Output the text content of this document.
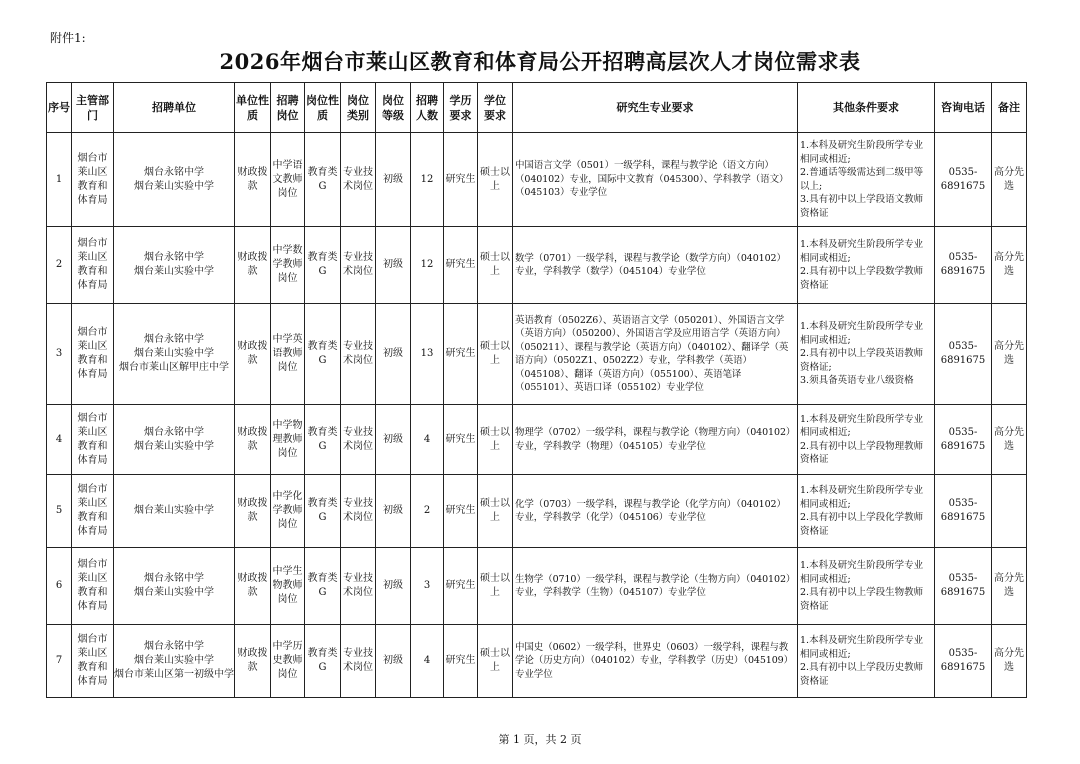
附件1:
2026年烟台市莱山区教育和体育局公开招聘高层次人才岗位需求表
序号	主管部门	招聘单位	单位性质	招聘岗位	岗位性质	岗位类别	岗位等级	招聘人数	学历要求	学位要求	研究生专业要求	其他条件要求	咨询电话	备注
1	烟台市莱山区教育和体育局	烟台永铭中学
烟台莱山实验中学	财政拨款	中学语文教师岗位	教育类G	专业技术岗位	初级	12	研究生	硕士以上	中国语言文学（0501）一级学科，课程与教学论（语文方向）（040102）专业，国际中文教育（045300）、学科教学（语文）（045103）专业学位	1.本科及研究生阶段所学专业相同或相近;
2.普通话等级需达到二级甲等以上;
3.具有初中以上学段语文教师资格证	0535-6891675	高分先选
2	烟台市莱山区教育和体育局	烟台永铭中学
烟台莱山实验中学	财政拨款	中学数学教师岗位	教育类G	专业技术岗位	初级	12	研究生	硕士以上	数学（0701）一级学科，课程与教学论（数学方向）（040102）专业，学科教学（数学）（045104）专业学位	1.本科及研究生阶段所学专业相同或相近;
2.具有初中以上学段数学教师资格证	0535-6891675	高分先选
3	烟台市莱山区教育和体育局	烟台永铭中学
烟台莱山实验中学
烟台市莱山区解甲庄中学	财政拨款	中学英语教师岗位	教育类G	专业技术岗位	初级	13	研究生	硕士以上	英语教育（0502Z6）、英语语言文学（050201）、外国语言文学（英语方向）（050200）、外国语言学及应用语言学（英语方向）（050211）、课程与教学论（英语方向）（040102）、翻译学（英语方向）（0502Z1、0502Z2）专业，学科教学（英语）（045108）、翻译（英语方向）（055100）、英语笔译（055101）、英语口译（055102）专业学位	1.本科及研究生阶段所学专业相同或相近;
2.具有初中以上学段英语教师资格证;
3.须具备英语专业八级资格	0535-6891675	高分先选
4	烟台市莱山区教育和体育局	烟台永铭中学
烟台莱山实验中学	财政拨款	中学物理教师岗位	教育类G	专业技术岗位	初级	4	研究生	硕士以上	物理学（0702）一级学科，课程与教学论（物理方向）（040102）专业，学科教学（物理）（045105）专业学位	1.本科及研究生阶段所学专业相同或相近;
2.具有初中以上学段物理教师资格证	0535-6891675	高分先选
5	烟台市莱山区教育和体育局	烟台莱山实验中学	财政拨款	中学化学教师岗位	教育类G	专业技术岗位	初级	2	研究生	硕士以上	化学（0703）一级学科，课程与教学论（化学方向）（040102）专业，学科教学（化学）（045106）专业学位	1.本科及研究生阶段所学专业相同或相近;
2.具有初中以上学段化学教师资格证	0535-6891675	
6	烟台市莱山区教育和体育局	烟台永铭中学
烟台莱山实验中学	财政拨款	中学生物教师岗位	教育类G	专业技术岗位	初级	3	研究生	硕士以上	生物学（0710）一级学科，课程与教学论（生物方向）（040102）专业，学科教学（生物）（045107）专业学位	1.本科及研究生阶段所学专业相同或相近;
2.具有初中以上学段生物教师资格证	0535-6891675	高分先选
7	烟台市莱山区教育和体育局	烟台永铭中学
烟台莱山实验中学
烟台市莱山区第一初级中学	财政拨款	中学历史教师岗位	教育类G	专业技术岗位	初级	4	研究生	硕士以上	中国史（0602）一级学科，世界史（0603）一级学科，课程与教学论（历史方向）（040102）专业，学科教学（历史）（045109）专业学位	1.本科及研究生阶段所学专业相同或相近;
2.具有初中以上学段历史教师资格证	0535-6891675	高分先选
第 1 页，共 2 页
